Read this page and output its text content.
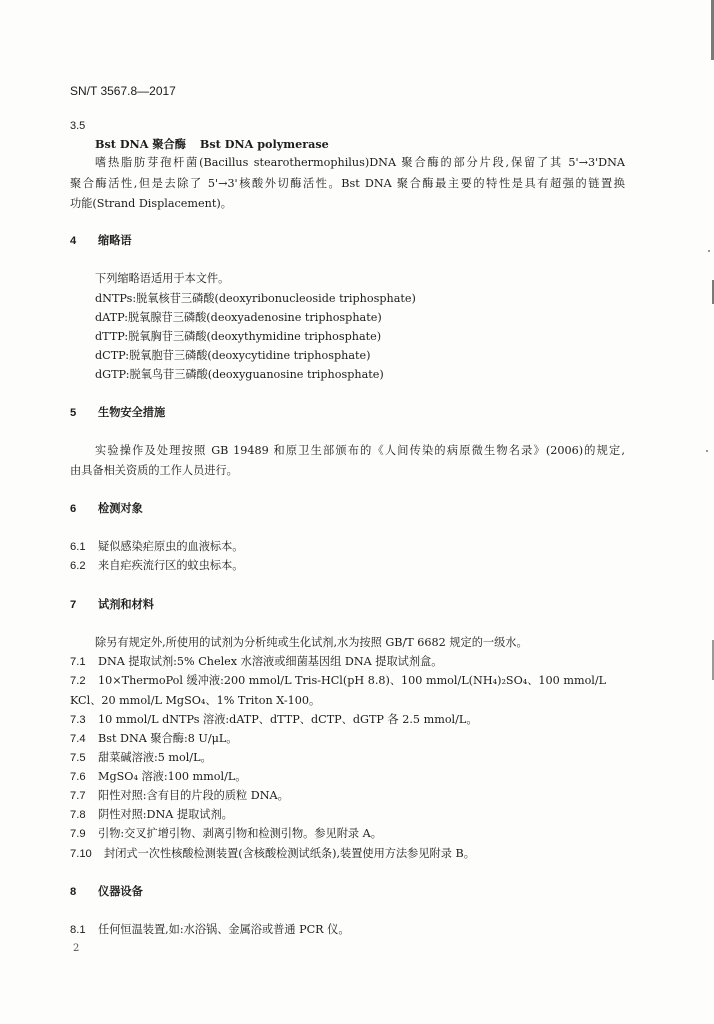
SN/T 3567.8—2017
3.5
Bst DNA 聚合酶 Bst DNA polymerase
嗜热脂肪芽孢杆菌(Bacillus stearothermophilus)DNA 聚合酶的部分片段,保留了其 5'→3'DNA
聚合酶活性,但是去除了 5'→3'核酸外切酶活性。Bst DNA 聚合酶最主要的特性是具有超强的链置换
功能(Strand Displacement)。
4 缩略语
下列缩略语适用于本文件。
dNTPs:脱氧核苷三磷酸(deoxyribonucleoside triphosphate)
dATP:脱氧腺苷三磷酸(deoxyadenosine triphosphate)
dTTP:脱氧胸苷三磷酸(deoxythymidine triphosphate)
dCTP:脱氧胞苷三磷酸(deoxycytidine triphosphate)
dGTP:脱氧鸟苷三磷酸(deoxyguanosine triphosphate)
5 生物安全措施
实验操作及处理按照 GB 19489 和原卫生部颁布的《人间传染的病原微生物名录》(2006)的规定,
由具备相关资质的工作人员进行。
6 检测对象
6.1 疑似感染疟原虫的血液标本。
6.2 来自疟疾流行区的蚊虫标本。
7 试剂和材料
除另有规定外,所使用的试剂为分析纯或生化试剂,水为按照 GB/T 6682 规定的一级水。
7.1 DNA 提取试剂:5% Chelex 水溶液或细菌基因组 DNA 提取试剂盒。
7.2 10×ThermoPol 缓冲液:200 mmol/L Tris-HCl(pH 8.8)、100 mmol/L(NH₄)₂SO₄、100 mmol/L
KCl、20 mmol/L MgSO₄、1% Triton X-100。
7.3 10 mmol/L dNTPs 溶液:dATP、dTTP、dCTP、dGTP 各 2.5 mmol/L。
7.4 Bst DNA 聚合酶:8 U/μL。
7.5 甜菜碱溶液:5 mol/L。
7.6 MgSO₄ 溶液:100 mmol/L。
7.7 阳性对照:含有目的片段的质粒 DNA。
7.8 阴性对照:DNA 提取试剂。
7.9 引物:交叉扩增引物、剥离引物和检测引物。参见附录 A。
7.10 封闭式一次性核酸检测装置(含核酸检测试纸条),装置使用方法参见附录 B。
8 仪器设备
8.1 任何恒温装置,如:水浴锅、金属浴或普通 PCR 仪。
2
